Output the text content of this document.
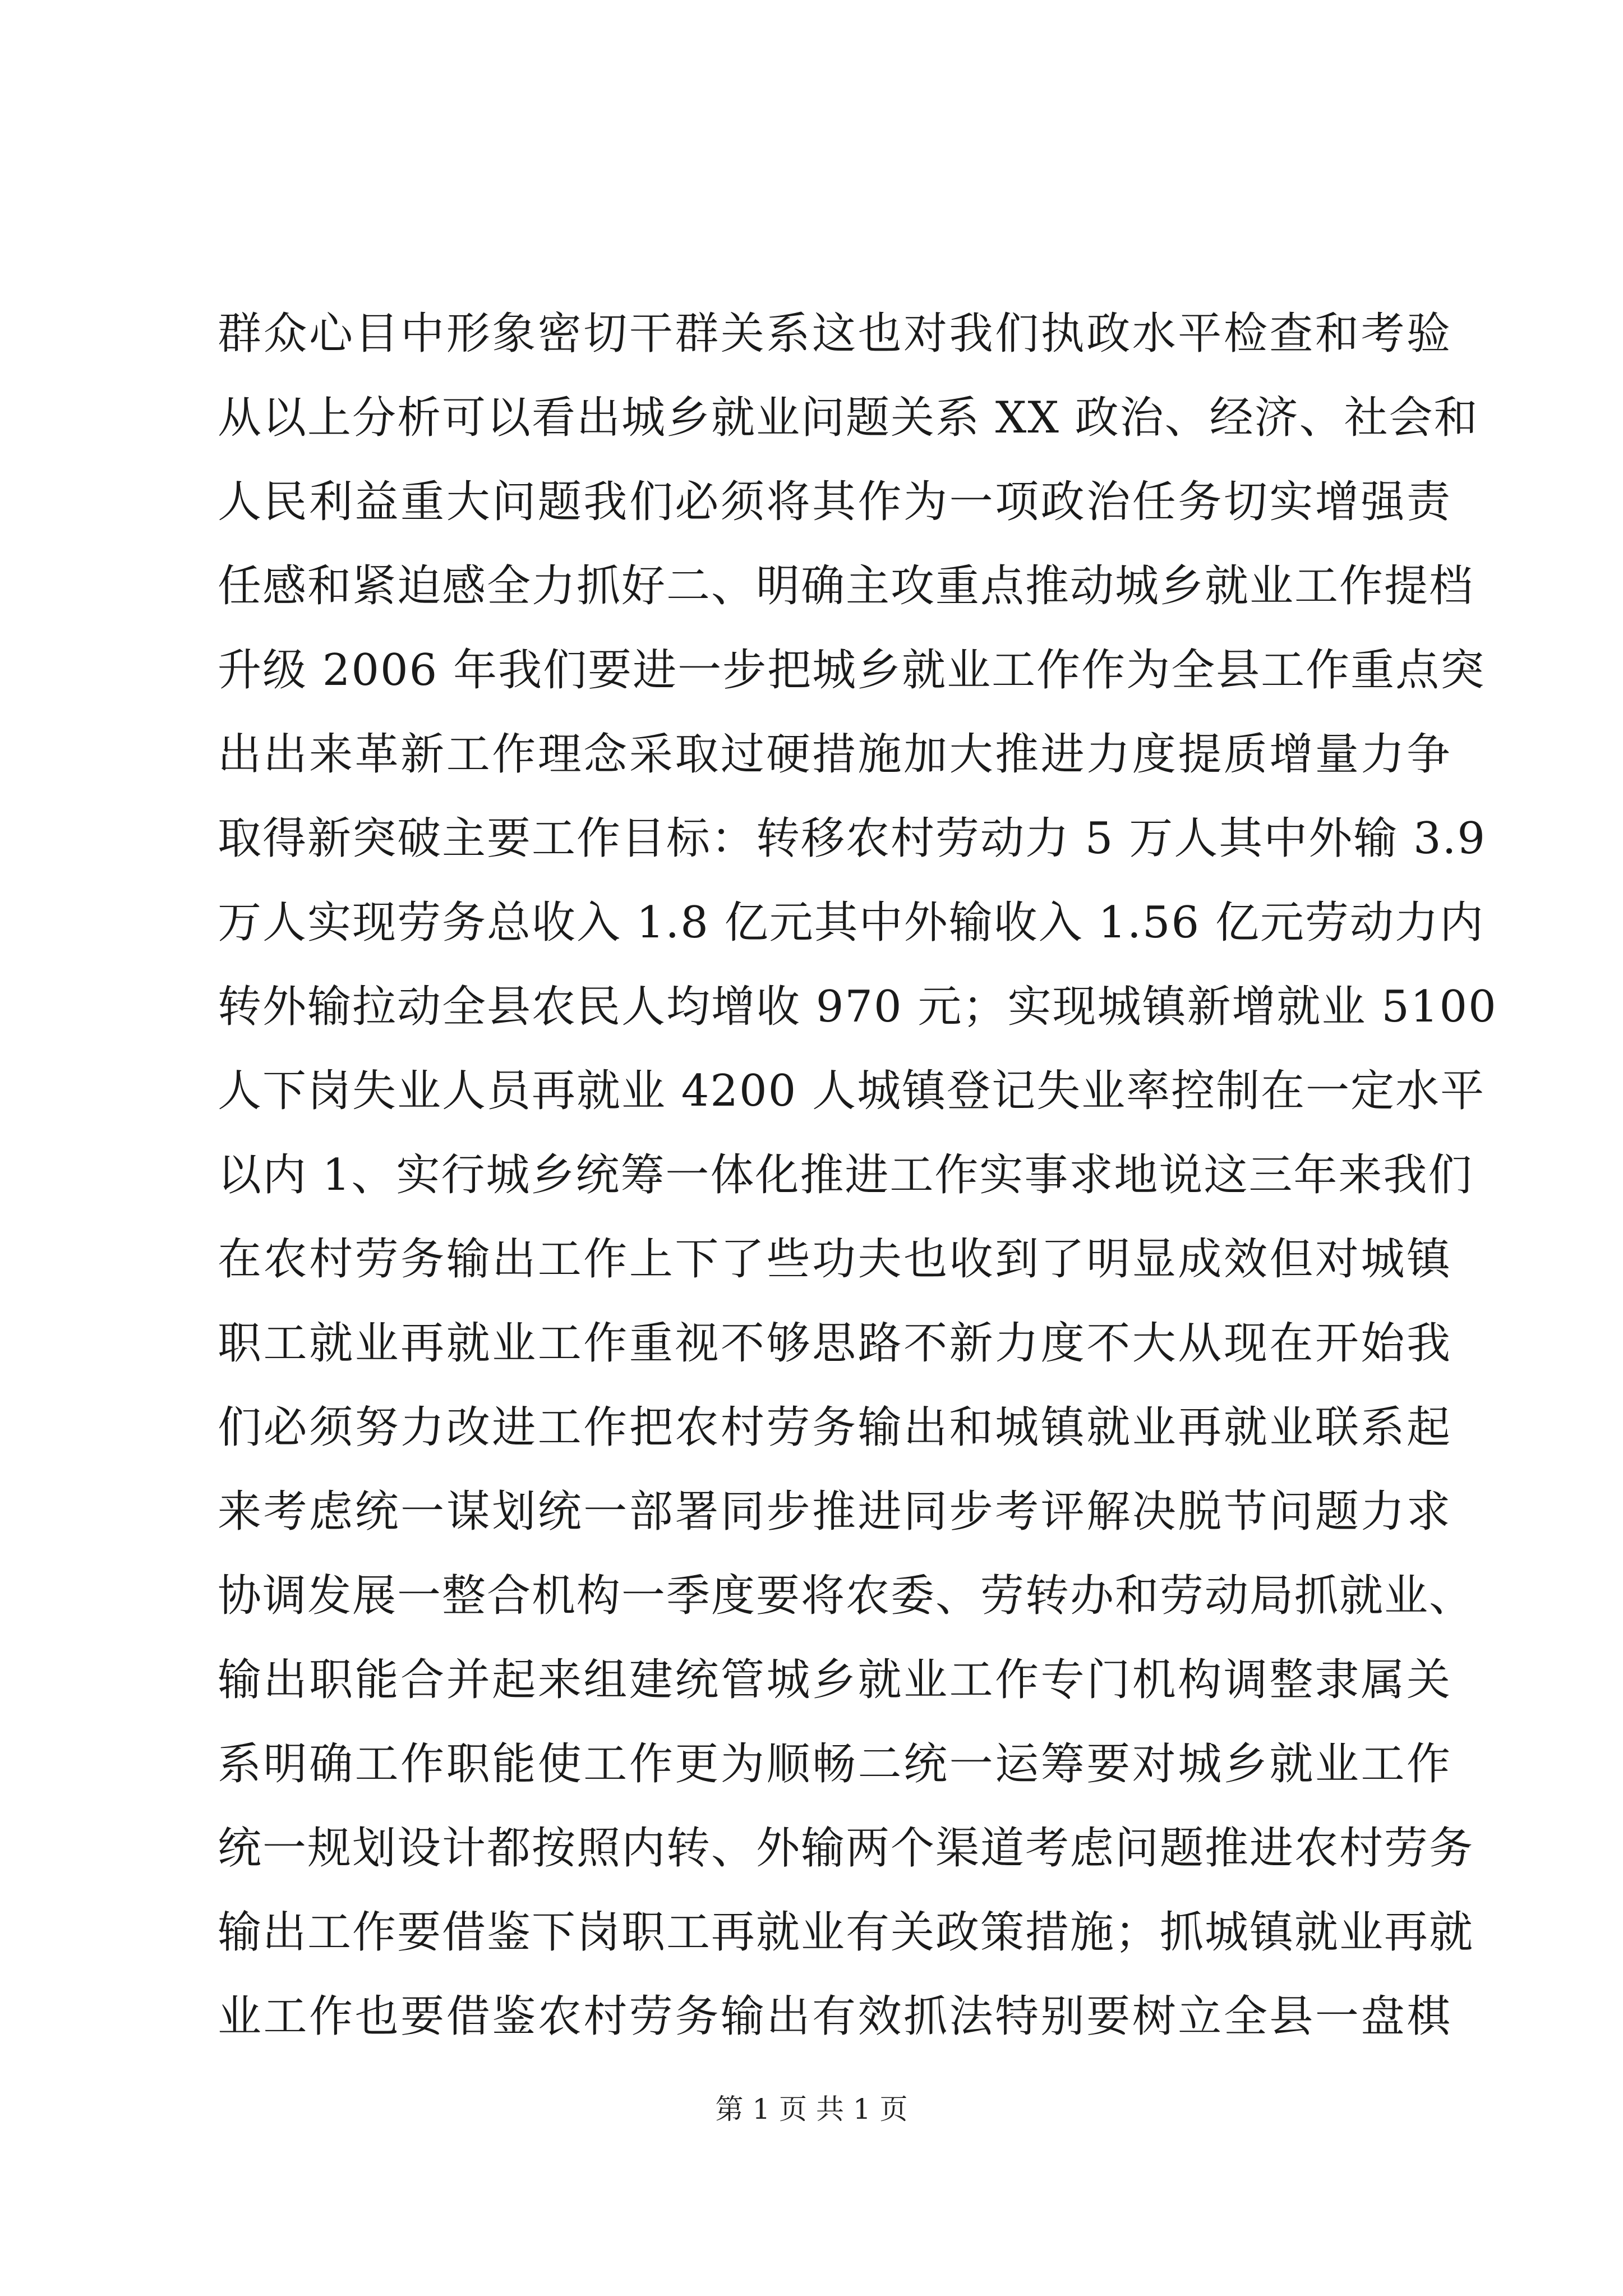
群众心目中形象密切干群关系这也对我们执政水平检查和考验
从以上分析可以看出城乡就业问题关系 XX 政治、经济、社会和
人民利益重大问题我们必须将其作为一项政治任务切实增强责
任感和紧迫感全力抓好二、明确主攻重点推动城乡就业工作提档
升级 2006 年我们要进一步把城乡就业工作作为全县工作重点突
出出来革新工作理念采取过硬措施加大推进力度提质增量力争
取得新突破主要工作目标：转移农村劳动力 5 万人其中外输 3.9
万人实现劳务总收入 1.8 亿元其中外输收入 1.56 亿元劳动力内
转外输拉动全县农民人均增收 970 元；实现城镇新增就业 5100
人下岗失业人员再就业 4200 人城镇登记失业率控制在一定水平
以内 1、实行城乡统筹一体化推进工作实事求地说这三年来我们
在农村劳务输出工作上下了些功夫也收到了明显成效但对城镇
职工就业再就业工作重视不够思路不新力度不大从现在开始我
们必须努力改进工作把农村劳务输出和城镇就业再就业联系起
来考虑统一谋划统一部署同步推进同步考评解决脱节问题力求
协调发展一整合机构一季度要将农委、劳转办和劳动局抓就业、
输出职能合并起来组建统管城乡就业工作专门机构调整隶属关
系明确工作职能使工作更为顺畅二统一运筹要对城乡就业工作
统一规划设计都按照内转、外输两个渠道考虑问题推进农村劳务
输出工作要借鉴下岗职工再就业有关政策措施；抓城镇就业再就
业工作也要借鉴农村劳务输出有效抓法特别要树立全县一盘棋
第 1 页 共 1 页
